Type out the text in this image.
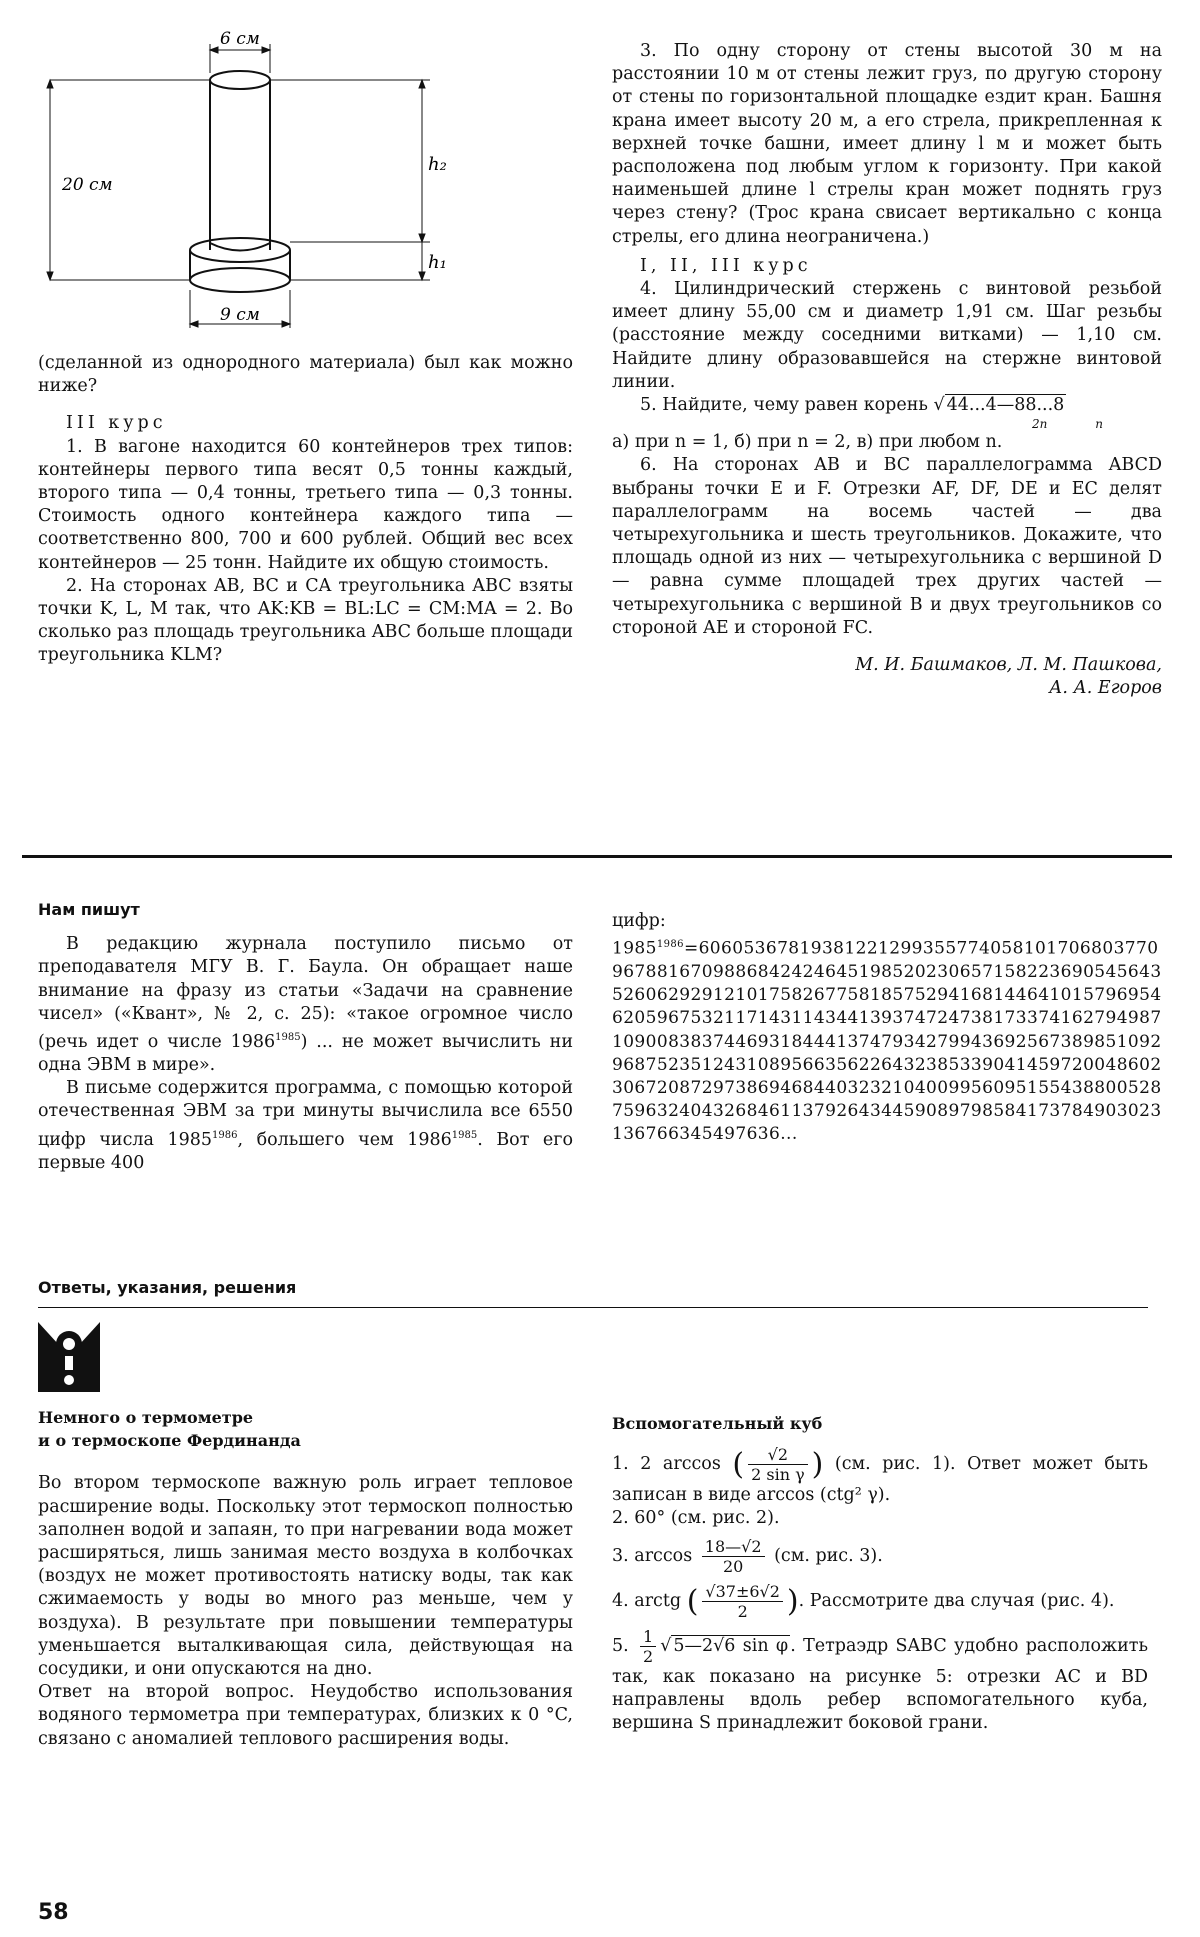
6 см
20 см
h₂
h₁
9 см

(сделанной из однородного материала) был как можно ниже?

III курс

1. В вагоне находится 60 контейнеров трех типов: контейнеры первого типа весят 0,5 тонны каждый, второго типа — 0,4 тонны, третьего типа — 0,3 тонны. Стоимость одного контейнера каждого типа — соответственно 800, 700 и 600 рублей. Общий вес всех контейнеров — 25 тонн. Найдите их общую стоимость.

2. На сторонах AB, BC и CA треугольника ABC взяты точки K, L, M так, что AK:KB = BL:LC = CM:MA = 2. Во сколько раз площадь треугольника ABC больше площади треугольника KLM?

3. По одну сторону от стены высотой 30 м на расстоянии 10 м от стены лежит груз, по другую сторону от стены по горизонтальной площадке ездит кран. Башня крана имеет высоту 20 м, а его стрела, прикрепленная к верхней точке башни, имеет длину l м и может быть расположена под любым углом к горизонту. При какой наименьшей длине l стрелы кран может поднять груз через стену? (Трос крана свисает вертикально с конца стрелы, его длина неограничена.)

I, II, III курс

4. Цилиндрический стержень с винтовой резьбой имеет длину 55,00 см и диаметр 1,91 см. Шаг резьбы (расстояние между соседними витками) — 1,10 см. Найдите длину образовавшейся на стержне винтовой линии.

5. Найдите, чему равен корень √ 44...4—88...8

2n	n

а) при n = 1, б) при n = 2, в) при любом n.

6. На сторонах AB и BC параллелограмма ABCD выбраны точки E и F. Отрезки AF, DF, DE и EC делят параллелограмм на восемь частей — два четырехугольника и шесть треугольников. Докажите, что площадь одной из них — четырехугольника с вершиной D — равна сумме площадей трех других частей — четырехугольника с вершиной B и двух треугольников со стороной AE и стороной FC.

М. И. Башмаков, Л. М. Пашкова,

А. А. Егоров

Нам пишут

В редакцию журнала поступило письмо от преподавателя МГУ В. Г. Баула. Он обращает наше внимание на фразу из статьи «Задачи на сравнение чисел» («Квант», № 2, с. 25): «такое огромное число (речь идет о числе $1986^{1985}$) ... не может вычислить ни одна ЭВМ в мире».

В письме содержится программа, с помощью которой отечественная ЭВМ за три минуты вычислила все 6550 цифр числа $1985^{1986}$, большего чем $1986^{1985}$. Вот его первые 400

цифр:

$1985^{1986}=606053678193812212993557740581017068037709678816709886842424645198520230657158223690545643526062929121017582677581$857529416814464101579695462059675321171431143441393747247381733741627949871090083837446931844413747934279943692567389851092968752351243108956635622643238533904145972004860230672087297386946844032321040099560951554388005287596324043268461137926434459089798584173784903023136766345497636...

Ответы, указания, решения

Немного о термометре

и о термоскопе Фердинанда

Во втором термоскопе важную роль играет тепловое расширение воды. Поскольку этот термоскоп полностью заполнен водой и запаян, то при нагревании вода может расширяться, лишь занимая место воздуха в колбочках (воздух не может противостоять натиску воды, так как сжимаемость у воды во много раз меньше, чем у воздуха). В результате при повышении температуры уменьшается выталкивающая сила, действующая на сосудики, и они опускаются на дно.

Ответ на второй вопрос. Неудобство использования водяного термометра при температурах, близких к 0 °C, связано с аномалией теплового расширения воды.

Вспомогательный куб

1. 2 arccos ( $\frac{√2}{\text{2 sin γ}}$ ) (см. рис. 1). Ответ может быть записан в виде arccos (ctg² γ).

2. 60° (см. рис. 2).

3. $\arccos \frac{18—√2}{20} (см$. рис. 3).

4. arctg ( $\frac{√37\pm 6√2}{2}$ ). Рассмотрите два случая (рис. 4).

5. $\frac{1}{2}$ √ 5—2√6 sin φ . Тетраэдр SABC удобно расположить так, как показано на рисунке 5: отрезки AC и BD направлены вдоль ребер вспомогательного куба, вершина S принадлежит боковой грани.

58
